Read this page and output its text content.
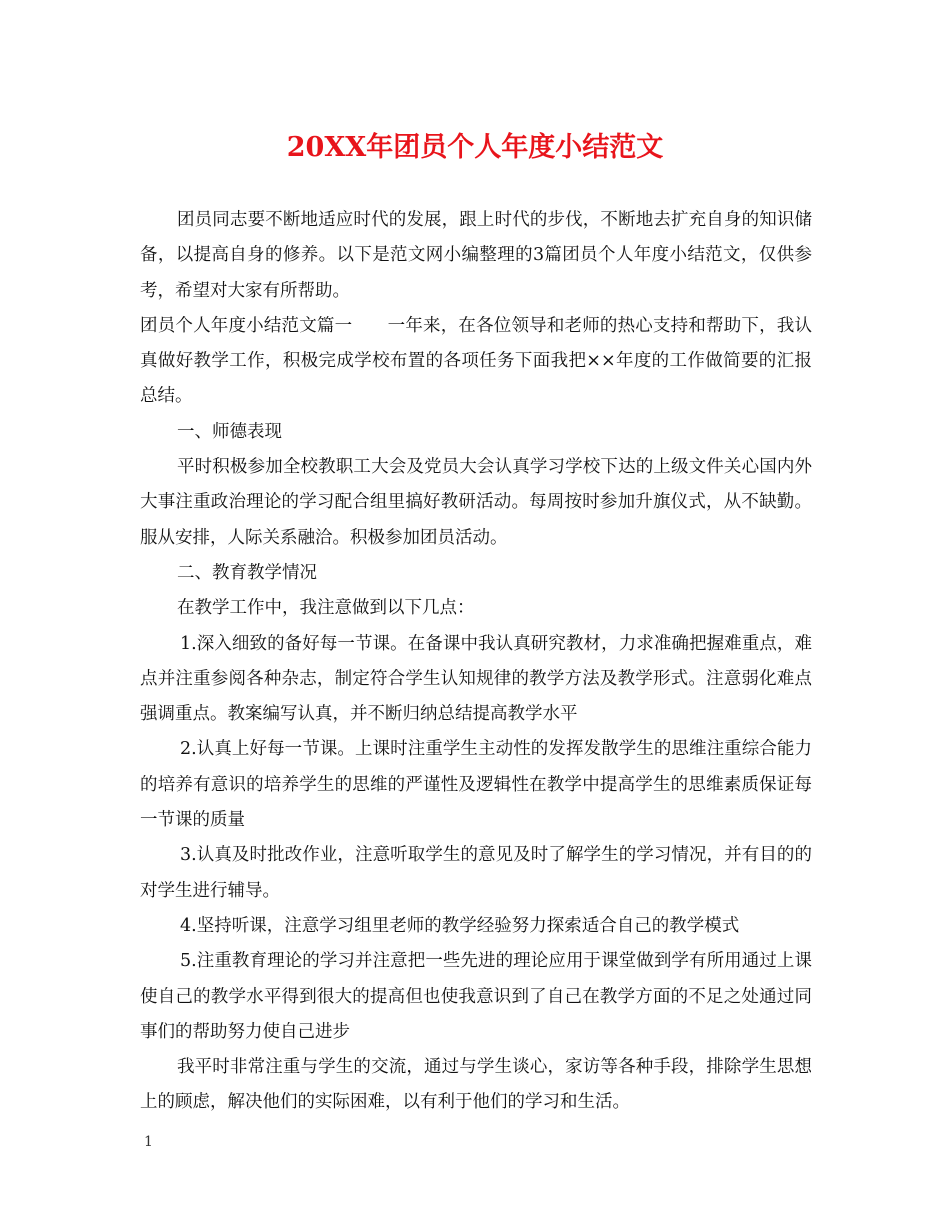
20XX年团员个人年度小结范文

团员同志要不断地适应时代的发展，跟上时代的步伐，不断地去扩充自身的知识储备，以提高自身的修养。以下是范文网小编整理的3篇团员个人年度小结范文，仅供参考，希望对大家有所帮助。

团员个人年度小结范文篇一　　一年来，在各位领导和老师的热心支持和帮助下，我认真做好教学工作，积极完成学校布置的各项任务下面我把××年度的工作做简要的汇报总结。

一、师德表现

平时积极参加全校教职工大会及党员大会认真学习学校下达的上级文件关心国内外大事注重政治理论的学习配合组里搞好教研活动。每周按时参加升旗仪式，从不缺勤。服从安排，人际关系融洽。积极参加团员活动。

二、教育教学情况

在教学工作中，我注意做到以下几点：

1.深入细致的备好每一节课。在备课中我认真研究教材，力求准确把握难重点，难点并注重参阅各种杂志，制定符合学生认知规律的教学方法及教学形式。注意弱化难点强调重点。教案编写认真，并不断归纳总结提高教学水平

2.认真上好每一节课。上课时注重学生主动性的发挥发散学生的思维注重综合能力的培养有意识的培养学生的思维的严谨性及逻辑性在教学中提高学生的思维素质保证每一节课的质量

3.认真及时批改作业，注意听取学生的意见及时了解学生的学习情况，并有目的的对学生进行辅导。

4.坚持听课，注意学习组里老师的教学经验努力探索适合自己的教学模式

5.注重教育理论的学习并注意把一些先进的理论应用于课堂做到学有所用通过上课使自己的教学水平得到很大的提高但也使我意识到了自己在教学方面的不足之处通过同事们的帮助努力使自己进步

我平时非常注重与学生的交流，通过与学生谈心，家访等各种手段，排除学生思想上的顾虑，解决他们的实际困难，以有利于他们的学习和生活。

1
